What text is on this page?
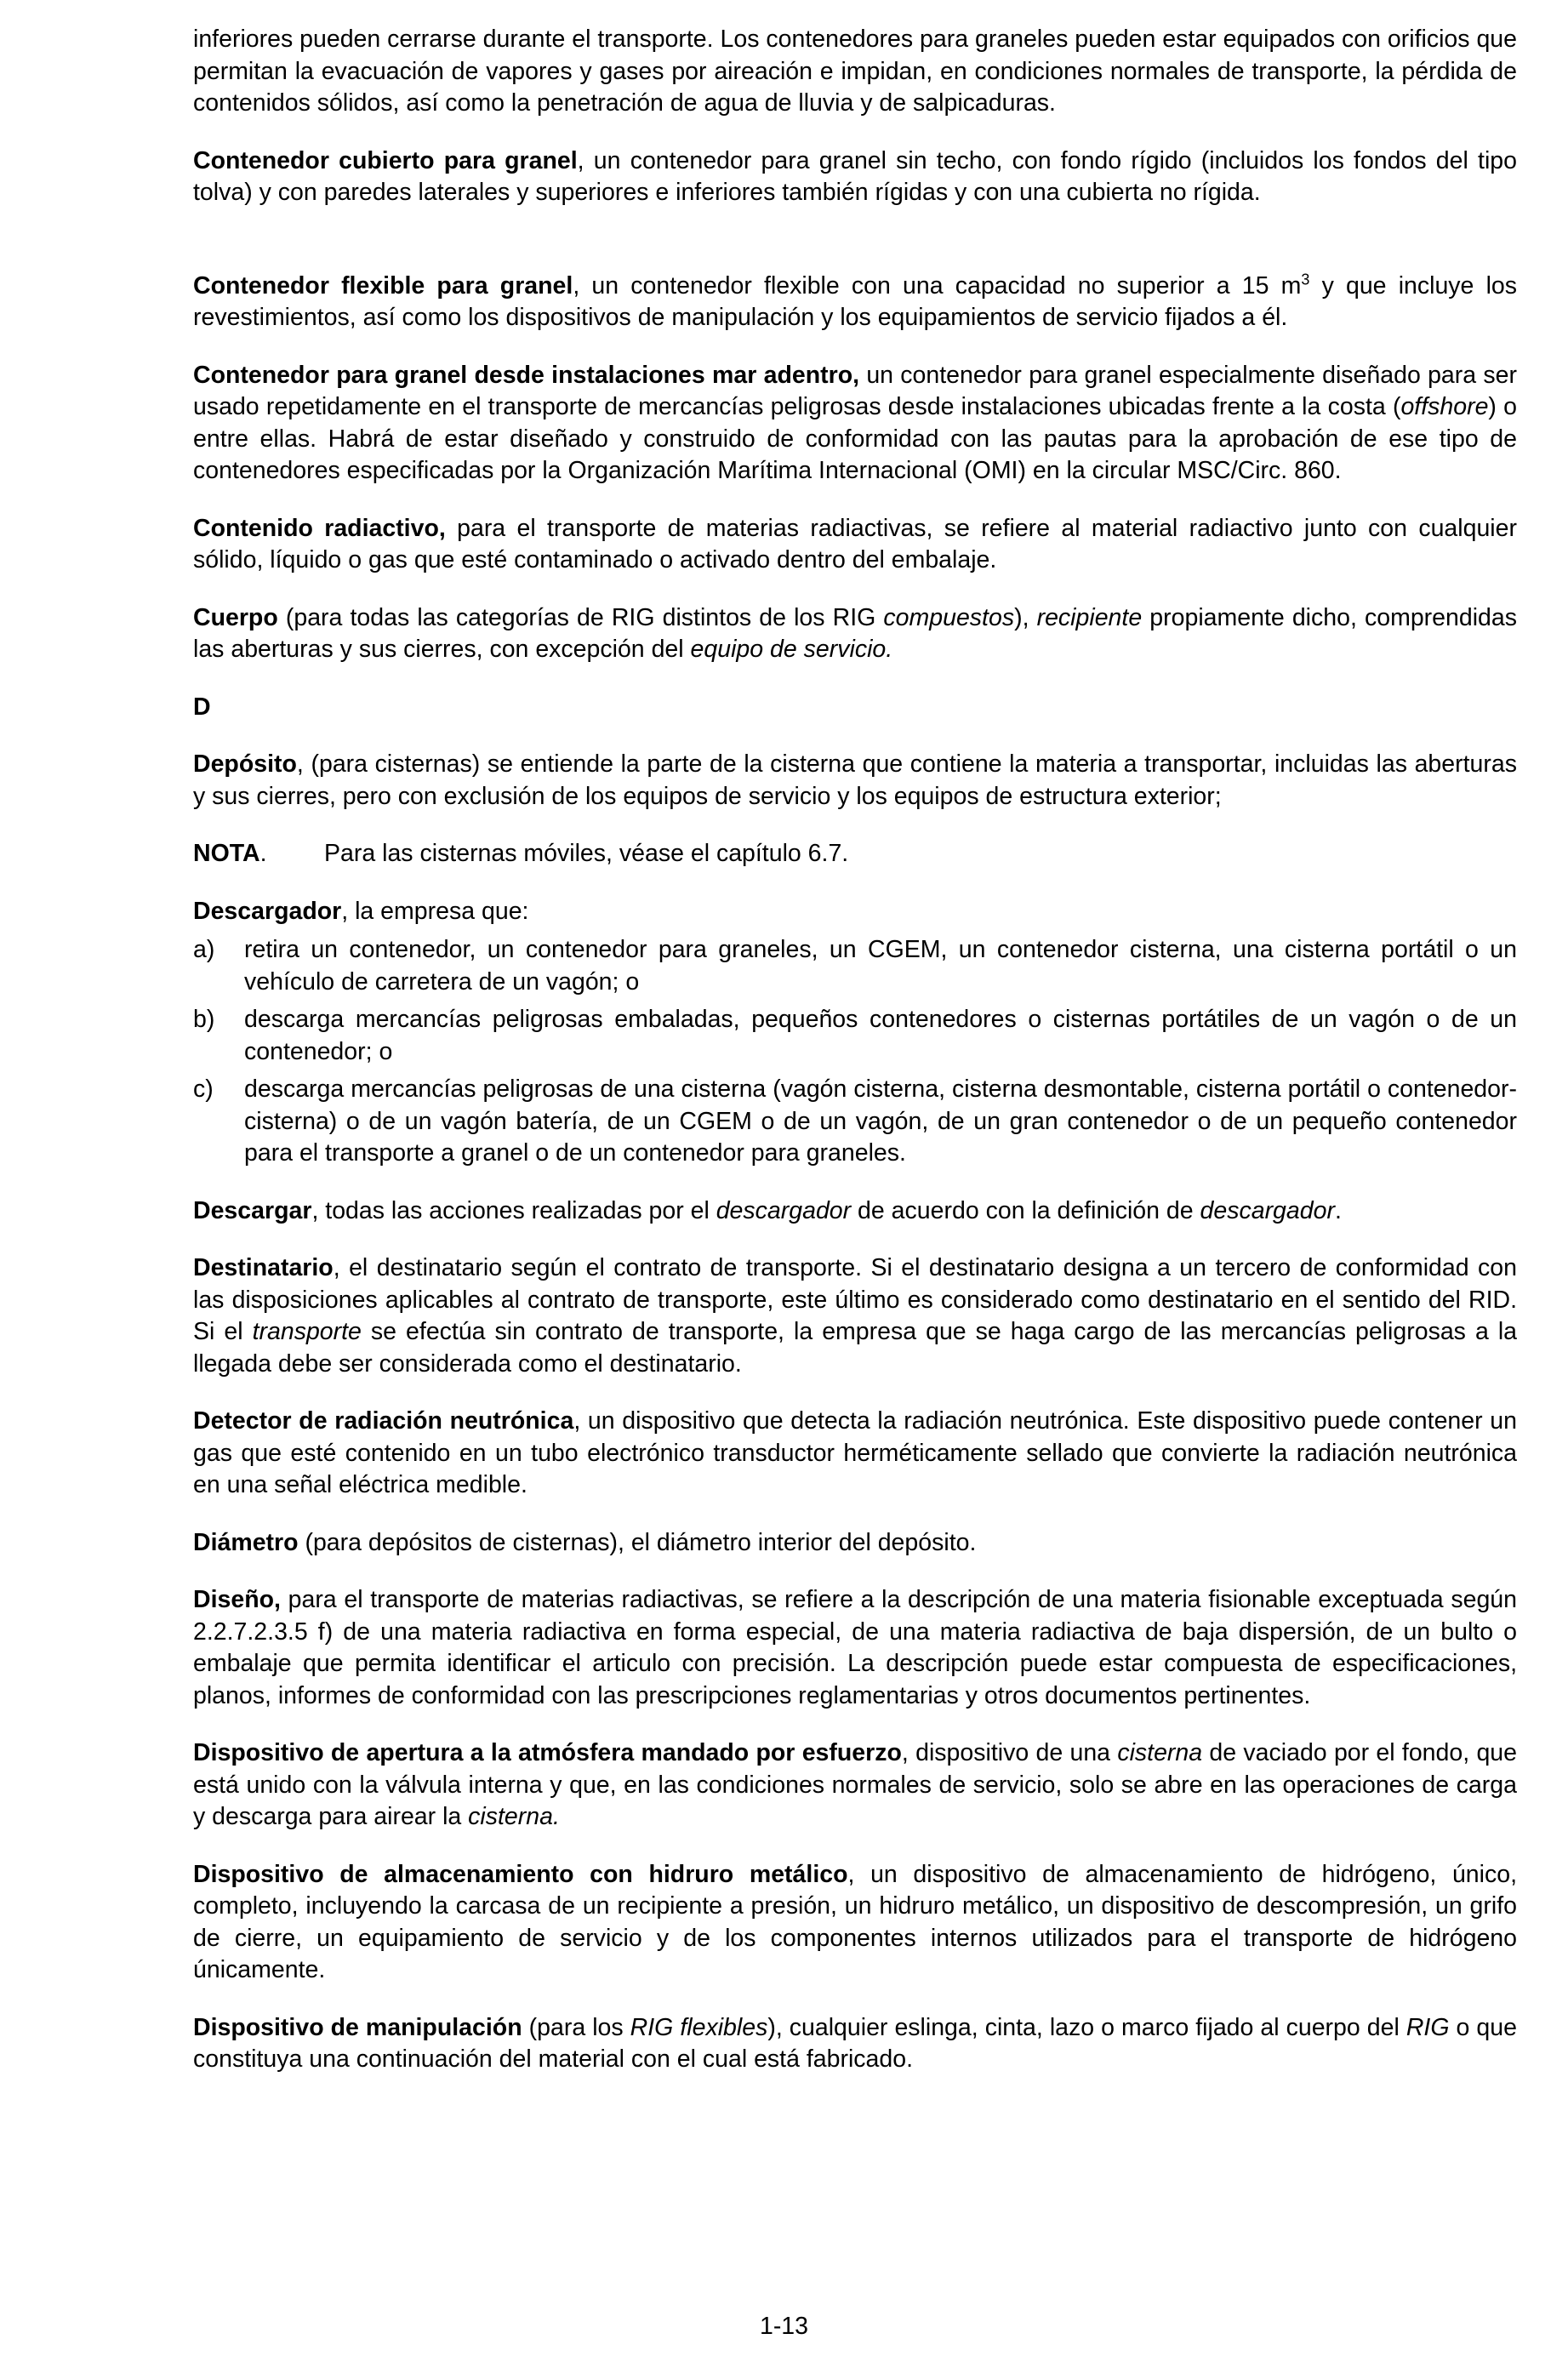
inferiores pueden cerrarse durante el transporte. Los contenedores para graneles pueden estar equipados con orificios que permitan la evacuación de vapores y gases por aireación e impidan, en condiciones normales de transporte, la pérdida de contenidos sólidos, así como la penetración de agua de lluvia y de salpicaduras.

Contenedor cubierto para granel, un contenedor para granel sin techo, con fondo rígido (incluidos los fondos del tipo tolva) y con paredes laterales y superiores e inferiores también rígidas y con una cubierta no rígida.

Contenedor flexible para granel, un contenedor flexible con una capacidad no superior a 15 $m^3$ y que incluye los revestimientos, así como los dispositivos de manipulación y los equipamientos de servicio fijados a él.

Contenedor para granel desde instalaciones mar adentro, un contenedor para granel especialmente diseñado para ser usado repetidamente en el transporte de mercancías peligrosas desde instalaciones ubicadas frente a la costa (offshore) o entre ellas. Habrá de estar diseñado y construido de conformidad con las pautas para la aprobación de ese tipo de contenedores especificadas por la Organización Marítima Internacional (OMI) en la circular MSC/Circ. 860.

Contenido radiactivo, para el transporte de materias radiactivas, se refiere al material radiactivo junto con cualquier sólido, líquido o gas que esté contaminado o activado dentro del embalaje.

Cuerpo (para todas las categorías de RIG distintos de los RIG compuestos), recipiente propiamente dicho, comprendidas las aberturas y sus cierres, con excepción del equipo de servicio.

D

Depósito, (para cisternas) se entiende la parte de la cisterna que contiene la materia a transportar, incluidas las aberturas y sus cierres, pero con exclusión de los equipos de servicio y los equipos de estructura exterior;

NOTA.	Para las cisternas móviles, véase el capítulo 6.7.

Descargador, la empresa que:

a)	retira un contenedor, un contenedor para graneles, un CGEM, un contenedor cisterna, una cisterna portátil o un vehículo de carretera de un vagón; o
b)	descarga mercancías peligrosas embaladas, pequeños contenedores o cisternas portátiles de un vagón o de un contenedor; o
c)	descarga mercancías peligrosas de una cisterna (vagón cisterna, cisterna desmontable, cisterna portátil o contenedor-cisterna) o de un vagón batería, de un CGEM o de un vagón, de un gran contenedor o de un pequeño contenedor para el transporte a granel o de un contenedor para graneles.

Descargar, todas las acciones realizadas por el descargador de acuerdo con la definición de descargador.

Destinatario, el destinatario según el contrato de transporte. Si el destinatario designa a un tercero de conformidad con las disposiciones aplicables al contrato de transporte, este último es considerado como destinatario en el sentido del RID. Si el transporte se efectúa sin contrato de transporte, la empresa que se haga cargo de las mercancías peligrosas a la llegada debe ser considerada como el destinatario.

Detector de radiación neutrónica, un dispositivo que detecta la radiación neutrónica. Este dispositivo puede contener un gas que esté contenido en un tubo electrónico transductor herméticamente sellado que convierte la radiación neutrónica en una señal eléctrica medible.

Diámetro (para depósitos de cisternas), el diámetro interior del depósito.

Diseño, para el transporte de materias radiactivas, se refiere a la descripción de una materia fisionable exceptuada según 2.2.7.2.3.5 f) de una materia radiactiva en forma especial, de una materia radiactiva de baja dispersión, de un bulto o embalaje que permita identificar el articulo con precisión. La descripción puede estar compuesta de especificaciones, planos, informes de conformidad con las prescripciones reglamentarias y otros documentos pertinentes.

Dispositivo de apertura a la atmósfera mandado por esfuerzo, dispositivo de una cisterna de vaciado por el fondo, que está unido con la válvula interna y que, en las condiciones normales de servicio, solo se abre en las operaciones de carga y descarga para airear la cisterna.

Dispositivo de almacenamiento con hidruro metálico, un dispositivo de almacenamiento de hidrógeno, único, completo, incluyendo la carcasa de un recipiente a presión, un hidruro metálico, un dispositivo de descompresión, un grifo de cierre, un equipamiento de servicio y de los componentes internos utilizados para el transporte de hidrógeno únicamente.

Dispositivo de manipulación (para los RIG flexibles), cualquier eslinga, cinta, lazo o marco fijado al cuerpo del RIG o que constituya una continuación del material con el cual está fabricado.

1-13
